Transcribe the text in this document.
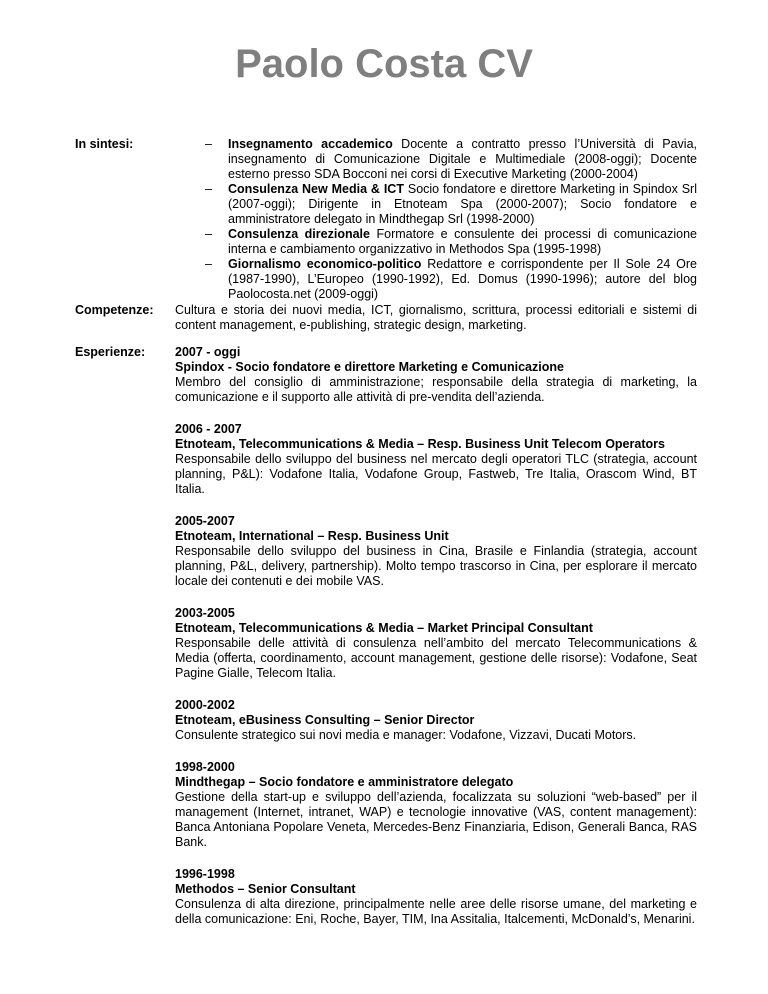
Paolo Costa CV
In sintesi:	– Insegnamento accademico Docente a contratto presso l’Università di Pavia, insegnamento di Comunicazione Digitale e Multimediale (2008-oggi); Docente esterno presso SDA Bocconi nei corsi di Executive Marketing (2000-2004)
– Consulenza New Media & ICT Socio fondatore e direttore Marketing in Spindox Srl (2007-oggi); Dirigente in Etnoteam Spa (2000-2007); Socio fondatore e amministratore delegato in Mindthegap Srl (1998-2000)
– Consulenza direzionale Formatore e consulente dei processi di comunicazione interna e cambiamento organizzativo in Methodos Spa (1995-1998)
– Giornalismo economico-politico Redattore e corrispondente per Il Sole 24 Ore (1987-1990), L’Europeo (1990-1992), Ed. Domus (1990-1996); autore del blog Paolocosta.net (2009-oggi)
Competenze: Cultura e storia dei nuovi media, ICT, giornalismo, scrittura, processi editoriali e sistemi di content management, e-publishing, strategic design, marketing.
Esperienze: 2007 - oggi

Spindox - Socio fondatore e direttore Marketing e Comunicazione

Membro del consiglio di amministrazione; responsabile della strategia di marketing, la comunicazione e il supporto alle attività di pre-vendita dell’azienda.

2006 - 2007

Etnoteam, Telecommunications & Media – Resp. Business Unit Telecom Operators

Responsabile dello sviluppo del business nel mercato degli operatori TLC (strategia, account planning, P&L): Vodafone Italia, Vodafone Group, Fastweb, Tre Italia, Orascom Wind, BT Italia.

2005-2007

Etnoteam, International – Resp. Business Unit

Responsabile dello sviluppo del business in Cina, Brasile e Finlandia (strategia, account planning, P&L, delivery, partnership). Molto tempo trascorso in Cina, per esplorare il mercato locale dei contenuti e dei mobile VAS.

2003-2005

Etnoteam, Telecommunications & Media – Market Principal Consultant

Responsabile delle attività di consulenza nell’ambito del mercato Telecommunications & Media (offerta, coordinamento, account management, gestione delle risorse): Vodafone, Seat Pagine Gialle, Telecom Italia.

2000-2002

Etnoteam, eBusiness Consulting – Senior Director

Consulente strategico sui novi media e manager: Vodafone, Vizzavi, Ducati Motors.

1998-2000

Mindthegap – Socio fondatore e amministratore delegato

Gestione della start-up e sviluppo dell’azienda, focalizzata su soluzioni “web-based” per il management (Internet, intranet, WAP) e tecnologie innovative (VAS, content management): Banca Antoniana Popolare Veneta, Mercedes-Benz Finanziaria, Edison, Generali Banca, RAS Bank.

1996-1998

Methodos – Senior Consultant

Consulenza di alta direzione, principalmente nelle aree delle risorse umane, del marketing e della comunicazione: Eni, Roche, Bayer, TIM, Ina Assitalia, Italcementi, McDonald’s, Menarini.
